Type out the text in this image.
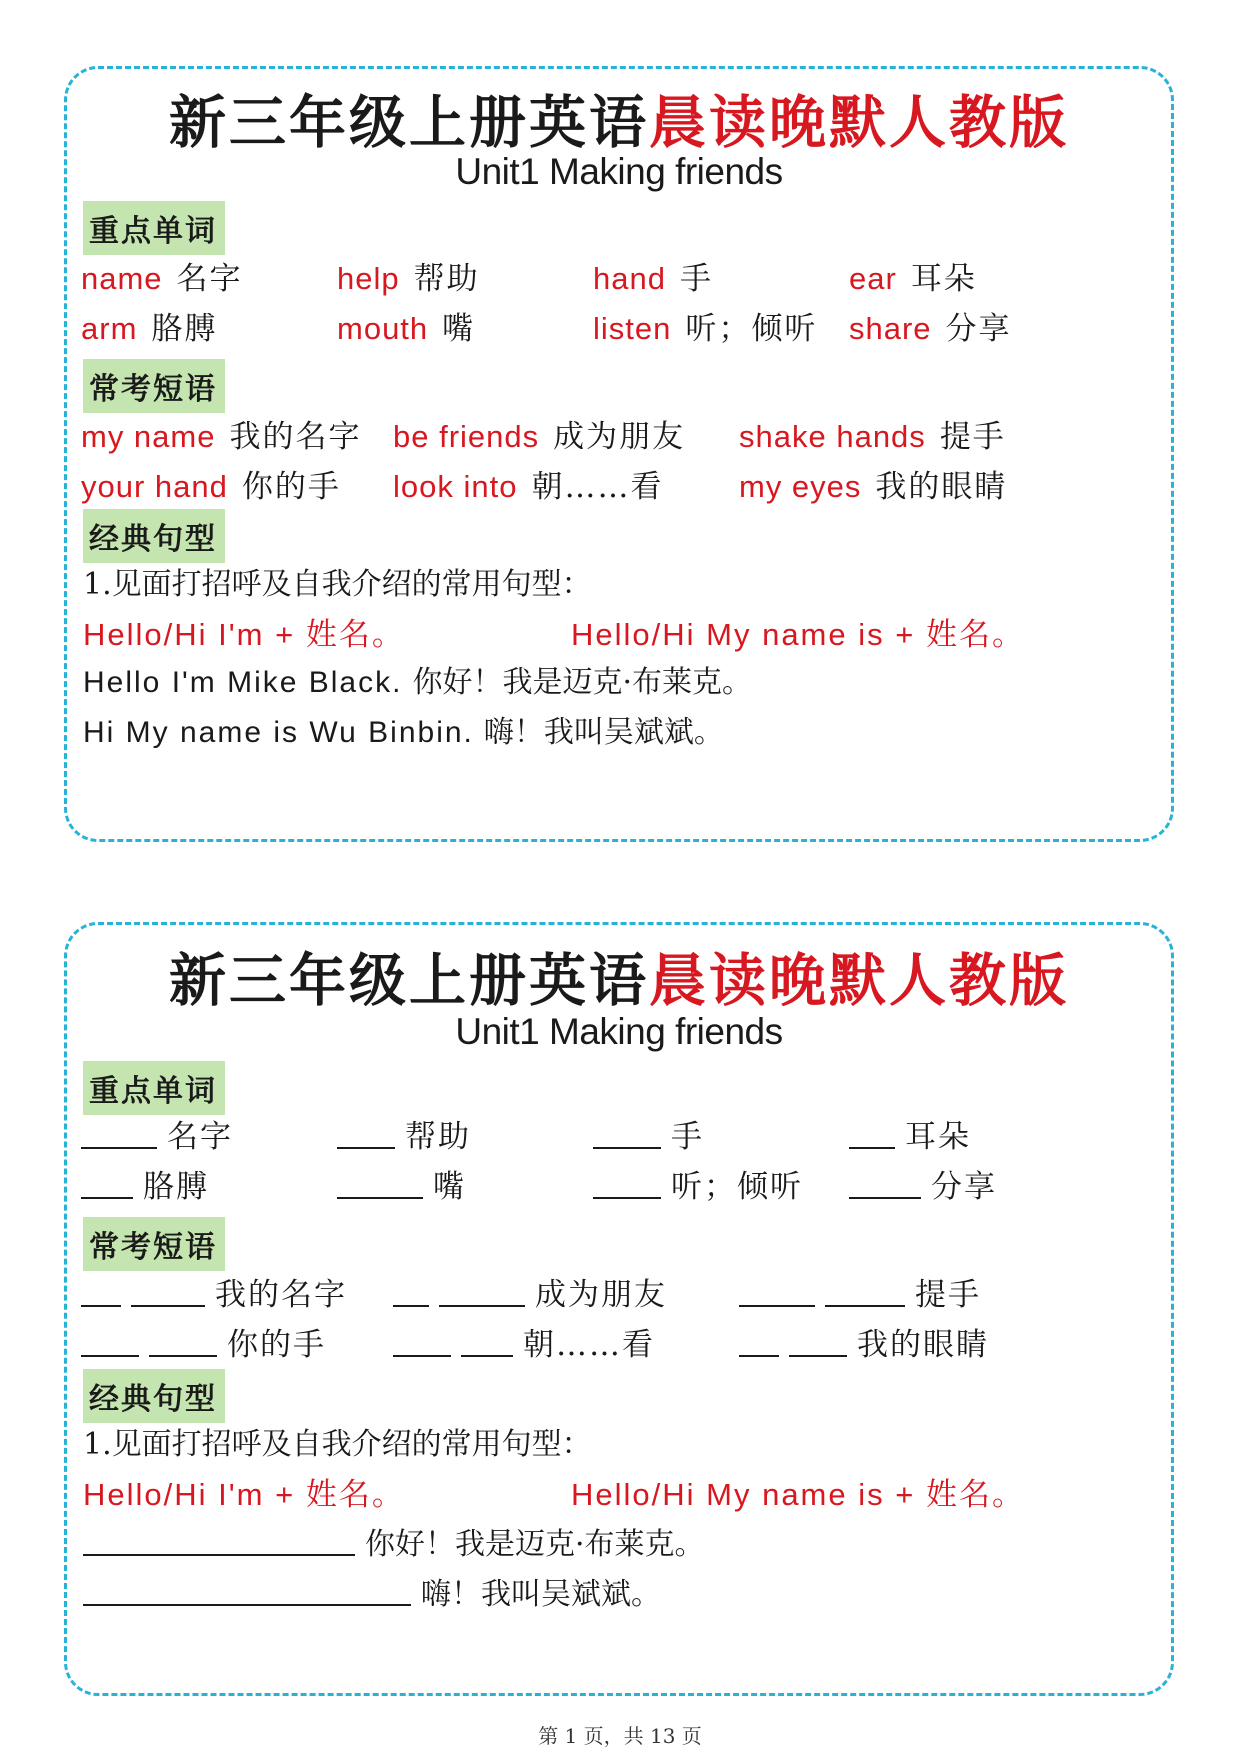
新三年级上册英语晨读晚默人教版
Unit1 Making friends
重点单词
name 名字	help 帮助	hand 手	ear 耳朵
arm 胳膊	mouth 嘴	listen 听；倾听 share 分享
常考短语
my name 我的名字 be friends 成为朋友 shake hands 提手
your hand 你的手 look into 朝……看 my eyes 我的眼睛
经典句型
1.见面打招呼及自我介绍的常用句型：
Hello/Hi I'm + 姓名。	Hello/Hi My name is + 姓名。
Hello I'm Mike Black. 你好！我是迈克·布莱克。
Hi My name is Wu Binbin. 嗨！我叫吴斌斌。
新三年级上册英语晨读晚默人教版
Unit1 Making friends
重点单词
名字	帮助	手	耳朵
胳膊	嘴	听；倾听	分享
常考短语
我的名字	成为朋友	提手
你的手	朝……看	我的眼睛
经典句型
1.见面打招呼及自我介绍的常用句型：
Hello/Hi I'm + 姓名。	Hello/Hi My name is + 姓名。
你好！我是迈克·布莱克。
嗨！我叫吴斌斌。
第 1 页，共 13 页
